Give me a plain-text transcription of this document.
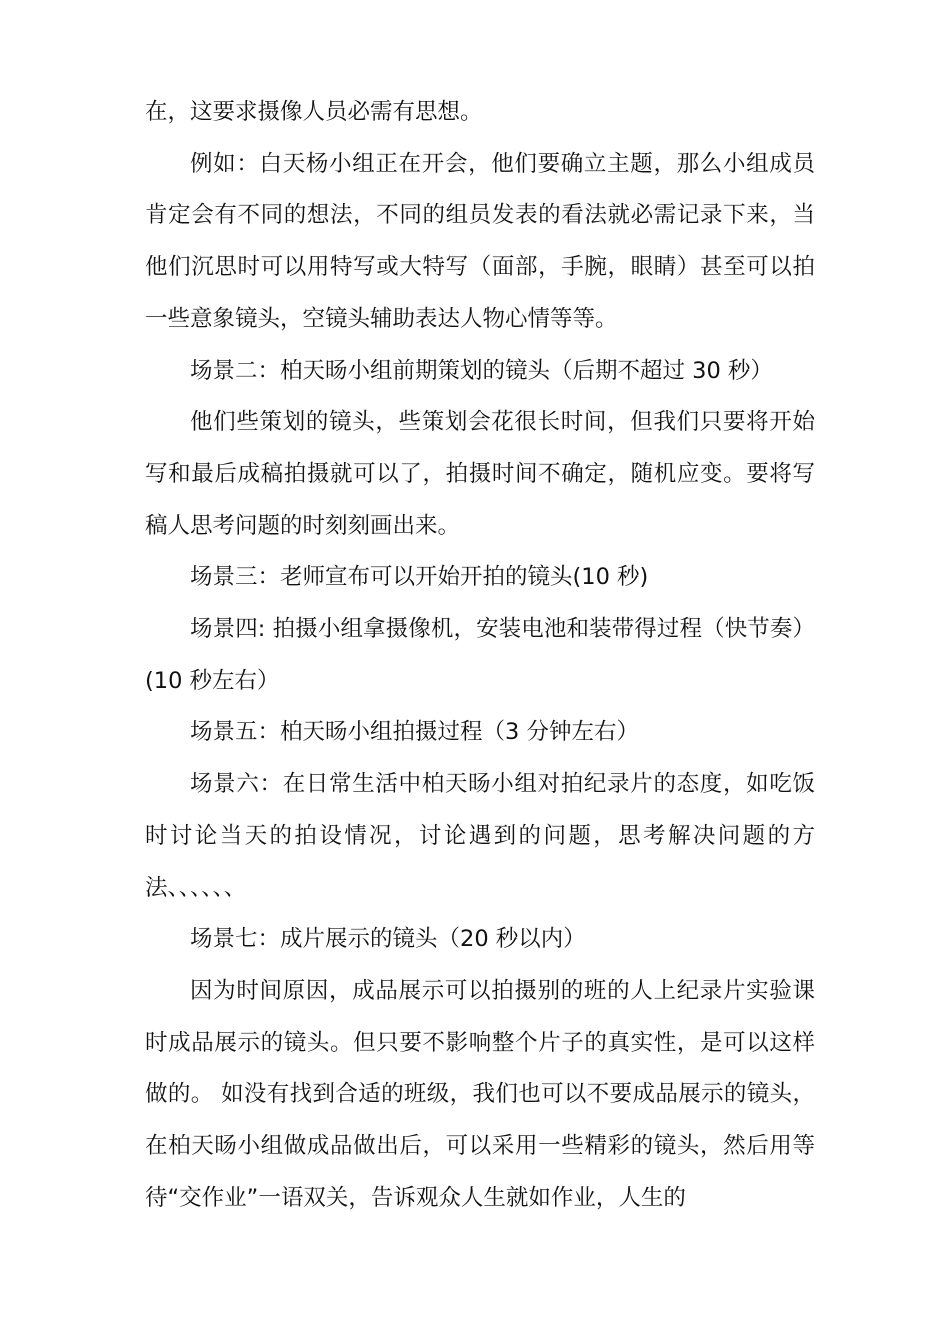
在，这要求摄像人员必需有思想。

例如：白天杨小组正在开会，他们要确立主题，那么小组成员肯定会有不同的想法，不同的组员发表的看法就必需记录下来，当他们沉思时可以用特写或大特写（面部，手腕，眼睛）甚至可以拍一些意象镜头，空镜头辅助表达人物心情等等。

场景二：柏天旸小组前期策划的镜头（后期不超过 30 秒）

他们些策划的镜头，些策划会花很长时间，但我们只要将开始写和最后成稿拍摄就可以了，拍摄时间不确定，随机应变。要将写稿人思考问题的时刻刻画出来。

场景三：老师宣布可以开始开拍的镜头(10 秒)

场景四: 拍摄小组拿摄像机，安装电池和装带得过程（快节奏）(10 秒左右）

场景五：柏天旸小组拍摄过程（3 分钟左右）

场景六：在日常生活中柏天旸小组对拍纪录片的态度，如吃饭时讨论当天的拍设情况，讨论遇到的问题，思考解决问题的方法、、、、、、

场景七：成片展示的镜头（20 秒以内）

因为时间原因，成品展示可以拍摄别的班的人上纪录片实验课时成品展示的镜头。但只要不影响整个片子的真实性，是可以这样做的。 如没有找到合适的班级，我们也可以不要成品展示的镜头，在柏天旸小组做成品做出后，可以采用一些精彩的镜头，然后用等待“交作业”一语双关，告诉观众人生就如作业，人生的
